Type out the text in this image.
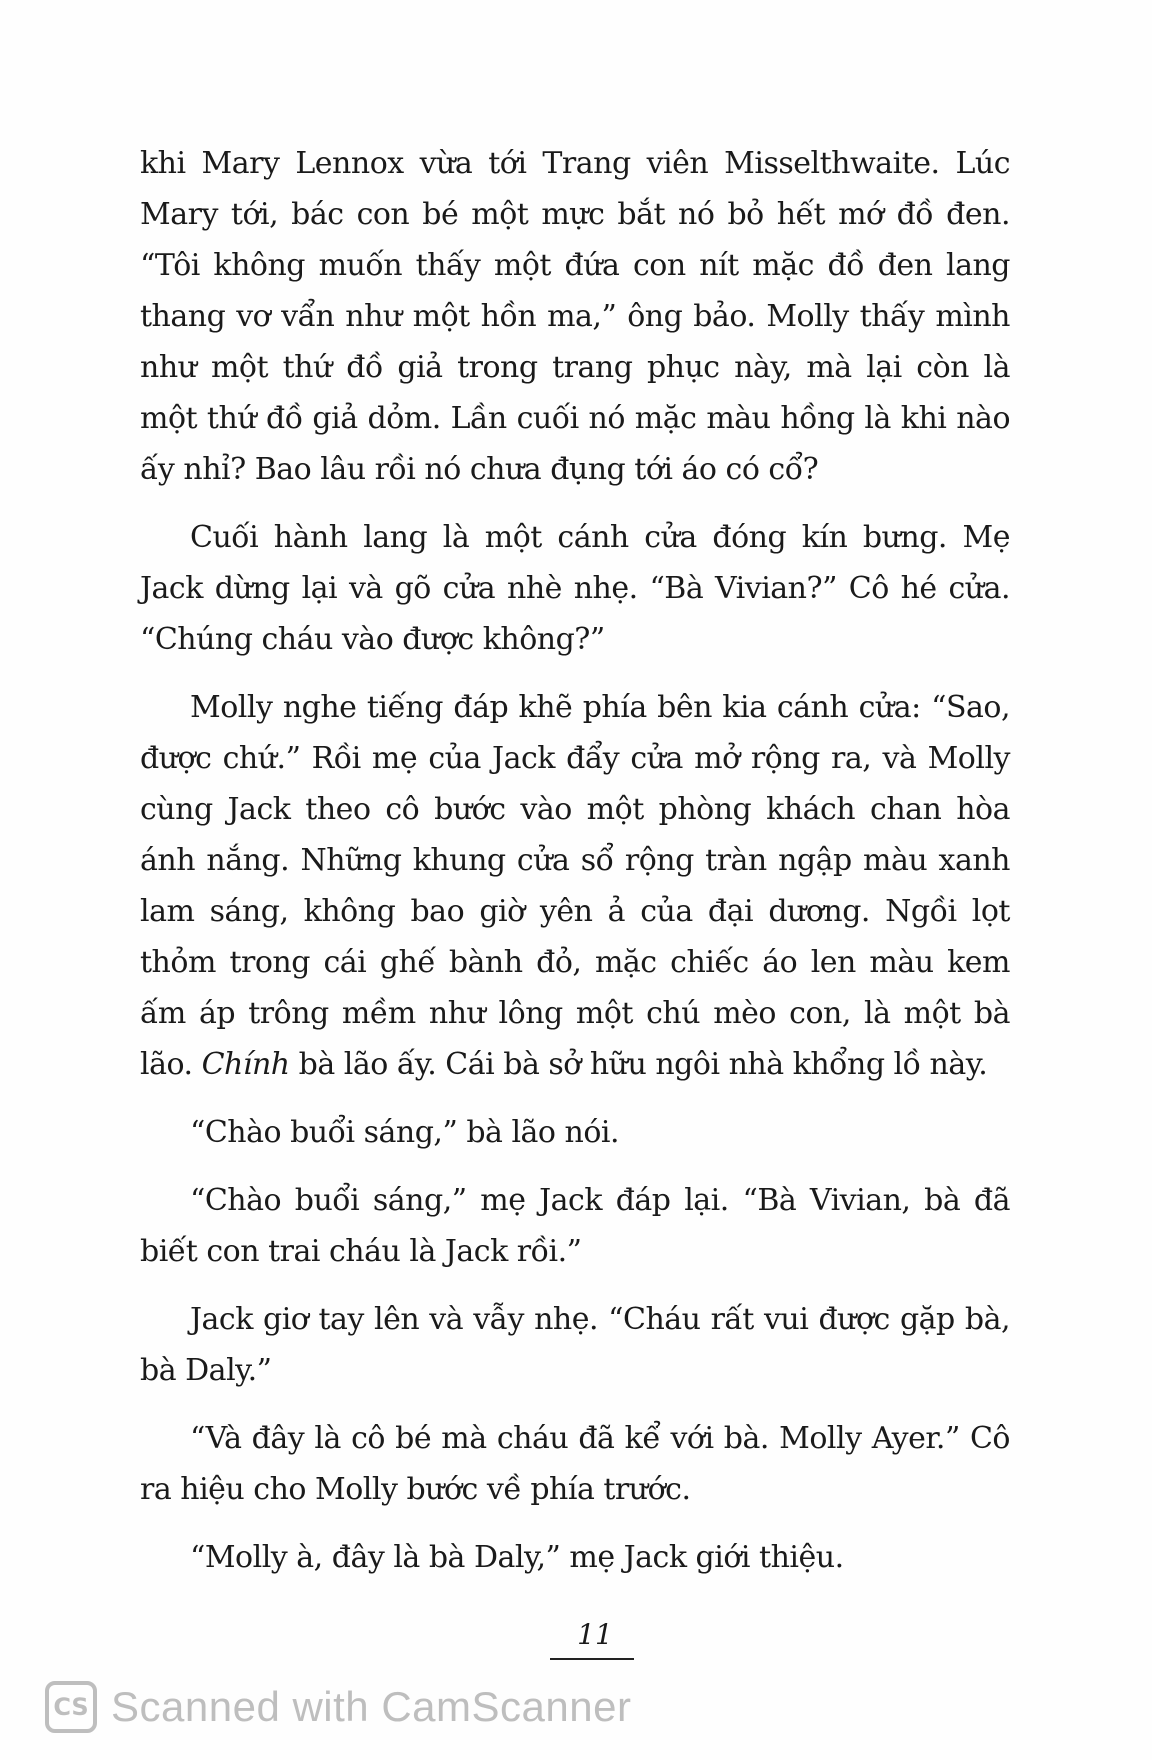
khi Mary Lennox vừa tới Trang viên Misselthwaite. Lúc Mary tới, bác con bé một mực bắt nó bỏ hết mớ đồ đen. “Tôi không muốn thấy một đứa con nít mặc đồ đen lang thang vơ vẩn như một hồn ma,” ông bảo. Molly thấy mình như một thứ đồ giả trong trang phục này, mà lại còn là một thứ đồ giả dỏm. Lần cuối nó mặc màu hồng là khi nào ấy nhỉ? Bao lâu rồi nó chưa đụng tới áo có cổ?

Cuối hành lang là một cánh cửa đóng kín bưng. Mẹ Jack dừng lại và gõ cửa nhè nhẹ. “Bà Vivian?” Cô hé cửa. “Chúng cháu vào được không?”

Molly nghe tiếng đáp khẽ phía bên kia cánh cửa: “Sao, được chứ.” Rồi mẹ của Jack đẩy cửa mở rộng ra, và Molly cùng Jack theo cô bước vào một phòng khách chan hòa ánh nắng. Những khung cửa sổ rộng tràn ngập màu xanh lam sáng, không bao giờ yên ả của đại dương. Ngồi lọt thỏm trong cái ghế bành đỏ, mặc chiếc áo len màu kem ấm áp trông mềm như lông một chú mèo con, là một bà lão. Chính bà lão ấy. Cái bà sở hữu ngôi nhà khổng lồ này.

“Chào buổi sáng,” bà lão nói.

“Chào buổi sáng,” mẹ Jack đáp lại. “Bà Vivian, bà đã biết con trai cháu là Jack rồi.”

Jack giơ tay lên và vẫy nhẹ. “Cháu rất vui được gặp bà, bà Daly.”

“Và đây là cô bé mà cháu đã kể với bà. Molly Ayer.” Cô ra hiệu cho Molly bước về phía trước.

“Molly à, đây là bà Daly,” mẹ Jack giới thiệu.

11
CS Scanned with CamScanner
